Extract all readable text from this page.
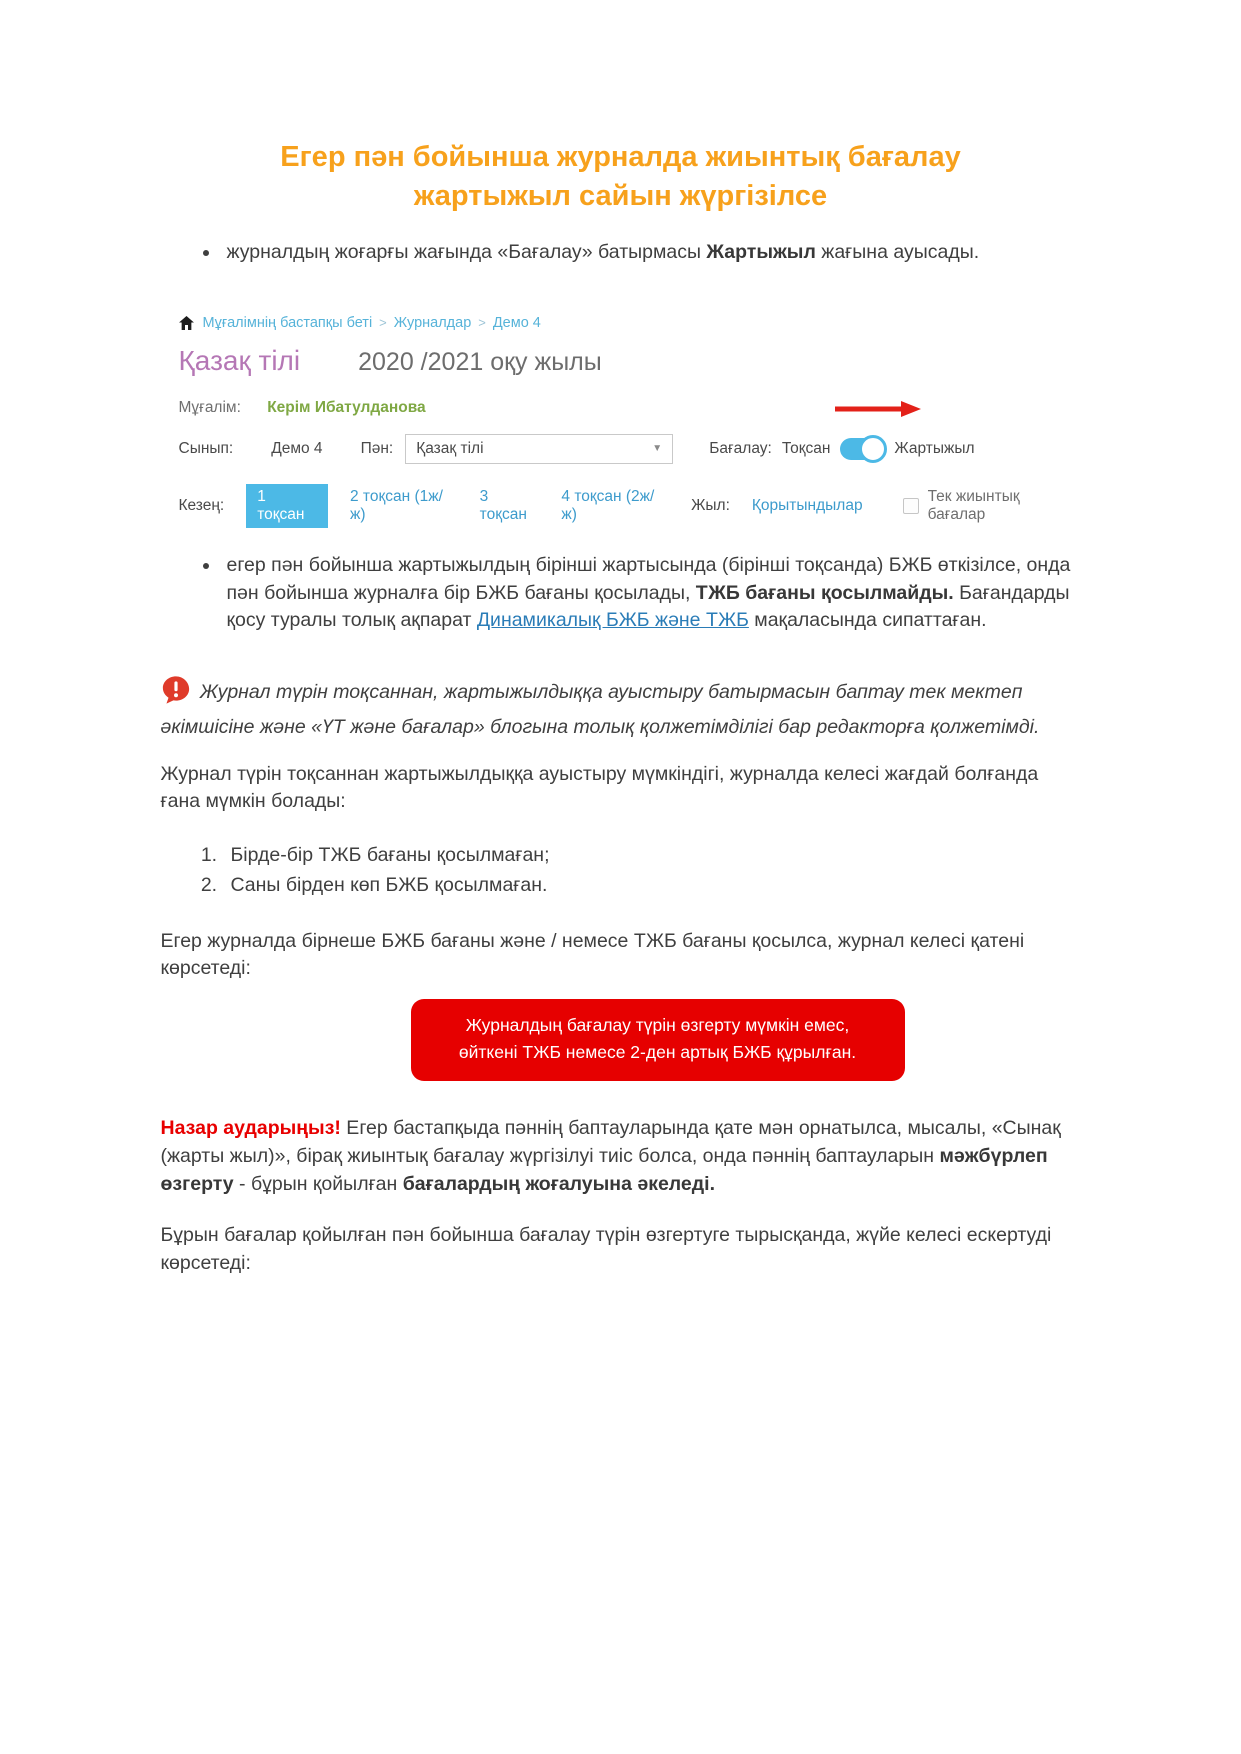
Егер пән бойынша журналда жиынтық бағалау
жартыжыл сайын жүргізілсе
• журналдың жоғарғы жағында «Бағалау» батырмасы Жартыжыл жағына ауысады.
Мұғалімнің бастапқы беті > Журналдар > Демо 4
Қазақ тілі 2020 /2021 оқу жылы
Мұғалім: Керім Ибатулданова
Сынып: Демо 4 Пән: Қазақ тілі	▼	Бағалау: Тоқсан	Жартыжыл
Кезең:
1 тоқсан
2 тоқсан (1ж/ж)
3 тоқсан
4 тоқсан (2ж/ж)
Жыл: Қорытындылар
Тек жиынтық бағалар
• егер пән бойынша жартыжылдың бірінші жартысында (бірінші тоқсанда) БЖБ өткізілсе, онда пән бойынша журналға бір БЖБ бағаны қосылады, ТЖБ бағаны қосылмайды. Бағандарды қосу туралы толық ақпарат Динамикалық БЖБ және ТЖБ мақаласында сипаттаған.

Журнал түрін тоқсаннан, жартыжылдыққа ауыстыру батырмасын баптау тек мектеп әкімшісіне және «ҮТ және бағалар» блогына толық қолжетімділігі бар редакторға қолжетімді.

Журнал түрін тоқсаннан жартыжылдыққа ауыстыру мүмкіндігі, журналда келесі жағдай болғанда ғана мүмкін болады:

1. Бірде-бір ТЖБ бағаны қосылмаған;
2. Саны бірден көп БЖБ қосылмаған.

Егер журналда бірнеше БЖБ бағаны және / немесе ТЖБ бағаны қосылса, журнал келесі қатені көрсетеді:

Журналдың бағалау түрін өзгерту мүмкін емес,
өйткені ТЖБ немесе 2-ден артық БЖБ құрылған.

Назар аударыңыз! Егер бастапқыда пәннің баптауларында қате мән орнатылса, мысалы, «Сынақ (жарты жыл)», бірақ жиынтық бағалау жүргізілуі тиіс болса, онда пәннің баптауларын мәжбүрлеп өзгерту - бұрын қойылған бағалардың жоғалуына әкеледі.

Бұрын бағалар қойылған пән бойынша бағалау түрін өзгертуге тырысқанда, жүйе келесі ескертуді көрсетеді:
